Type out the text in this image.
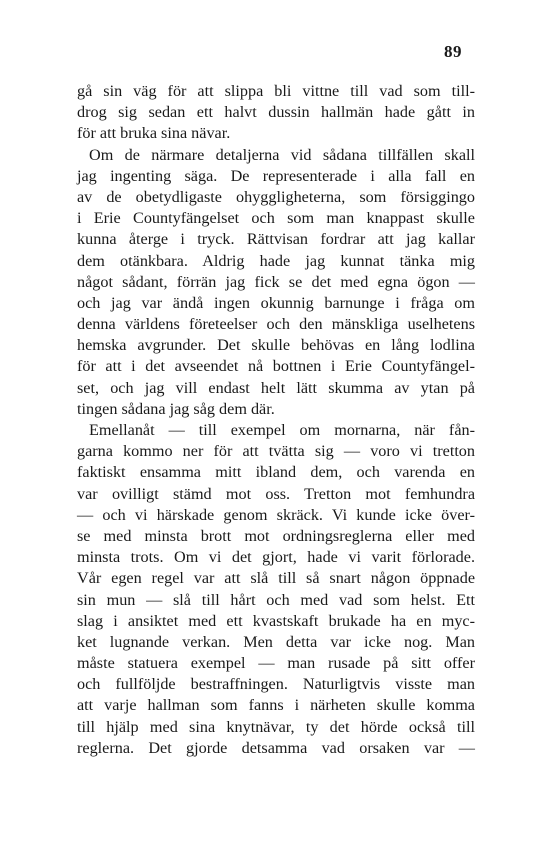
89
gå sin väg för att slippa bli vittne till vad som till-
drog sig sedan ett halvt dussin hallmän hade gått in
för att bruka sina nävar.
Om de närmare detaljerna vid sådana tillfällen skall
jag ingenting säga. De representerade i alla fall en
av de obetydligaste ohyggligheterna, som försiggingo
i Erie Countyfängelset och som man knappast skulle
kunna återge i tryck. Rättvisan fordrar att jag kallar
dem otänkbara. Aldrig hade jag kunnat tänka mig
något sådant, förrän jag fick se det med egna ögon —
och jag var ändå ingen okunnig barnunge i fråga om
denna världens företeelser och den mänskliga uselhetens
hemska avgrunder. Det skulle behövas en lång lodlina
för att i det avseendet nå bottnen i Erie Countyfängel-
set, och jag vill endast helt lätt skumma av ytan på
tingen sådana jag såg dem där.
Emellanåt — till exempel om mornarna, när fån-
garna kommo ner för att tvätta sig — voro vi tretton
faktiskt ensamma mitt ibland dem, och varenda en
var ovilligt stämd mot oss. Tretton mot femhundra
— och vi härskade genom skräck. Vi kunde icke över-
se med minsta brott mot ordningsreglerna eller med
minsta trots. Om vi det gjort, hade vi varit förlorade.
Vår egen regel var att slå till så snart någon öppnade
sin mun — slå till hårt och med vad som helst. Ett
slag i ansiktet med ett kvastskaft brukade ha en myc-
ket lugnande verkan. Men detta var icke nog. Man
måste statuera exempel — man rusade på sitt offer
och fullföljde bestraffningen. Naturligtvis visste man
att varje hallman som fanns i närheten skulle komma
till hjälp med sina knytnävar, ty det hörde också till
reglerna. Det gjorde detsamma vad orsaken var —
